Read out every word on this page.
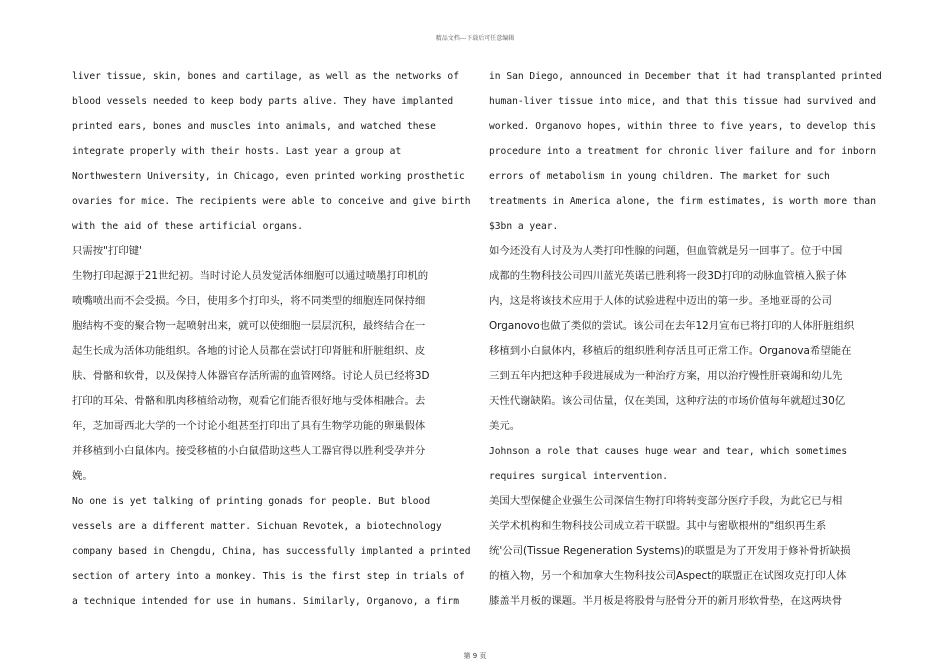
精品文档---下载后可任意编辑

liver tissue, skin, bones and cartilage, as well as the networks of

blood vessels needed to keep body parts alive. They have implanted

printed ears, bones and muscles into animals, and watched these

integrate properly with their hosts. Last year a group at

Northwestern University, in Chicago, even printed working prosthetic

ovaries for mice. The recipients were able to conceive and give birth

with the aid of these artificial organs.

只需按"打印键'

生物打印起源于21世纪初。当时讨论人员发觉活体细胞可以通过喷墨打印机的

喷嘴喷出而不会受损。今日，使用多个打印头，将不同类型的细胞连同保持细

胞结构不变的聚合物一起喷射出来，就可以使细胞一层层沉积，最终结合在一

起生长成为活体功能组织。各地的讨论人员都在尝试打印肾脏和肝脏组织、皮

肤、骨骼和软骨，以及保持人体器官存活所需的血管网络。讨论人员已经将3D

打印的耳朵、骨骼和肌肉移植给动物，观看它们能否很好地与受体相融合。去

年，芝加哥西北大学的一个讨论小组甚至打印出了具有生物学功能的卵巢假体

并移植到小白鼠体内。接受移植的小白鼠借助这些人工器官得以胜利受孕并分

娩。

No one is yet talking of printing gonads for people. But blood

vessels are a different matter. Sichuan Revotek, a biotechnology

company based in Chengdu, China, has successfully implanted a printed

section of artery into a monkey. This is the first step in trials of

a technique intended for use in humans. Similarly, Organovo, a firm

in San Diego, announced in December that it had transplanted printed

human-liver tissue into mice, and that this tissue had survived and

worked. Organovo hopes, within three to five years, to develop this

procedure into a treatment for chronic liver failure and for inborn

errors of metabolism in young children. The market for such

treatments in America alone, the firm estimates, is worth more than

$3bn a year.

如今还没有人讨及为人类打印性腺的问题，但血管就是另一回事了。位于中国

成都的生物科技公司四川蓝光英诺已胜利将一段3D打印的动脉血管植入猴子体

内，这是将该技术应用于人体的试验进程中迈出的第一步。圣地亚哥的公司

Organovo也做了类似的尝试。该公司在去年12月宣布已将打印的人体肝脏组织

移植到小白鼠体内，移植后的组织胜利存活且可正常工作。Organova希望能在

三到五年内把这种手段进展成为一种治疗方案，用以治疗慢性肝衰竭和幼儿先

天性代谢缺陷。该公司估量，仅在美国，这种疗法的市场价值每年就超过30亿

美元。

Johnson a role that causes huge wear and tear, which sometimes

requires surgical intervention.

美国大型保健企业强生公司深信生物打印将转变部分医疗手段，为此它已与相

关学术机构和生物科技公司成立若干联盟。其中与密歇根州的"组织再生系

统'公司(Tissue Regeneration Systems)的联盟是为了开发用于修补骨折缺损

的植入物，另一个和加拿大生物科技公司Aspect的联盟正在试图攻克打印人体

膝盖半月板的课题。半月板是将股骨与胫骨分开的新月形软骨垫，在这两块骨

第 9 页
